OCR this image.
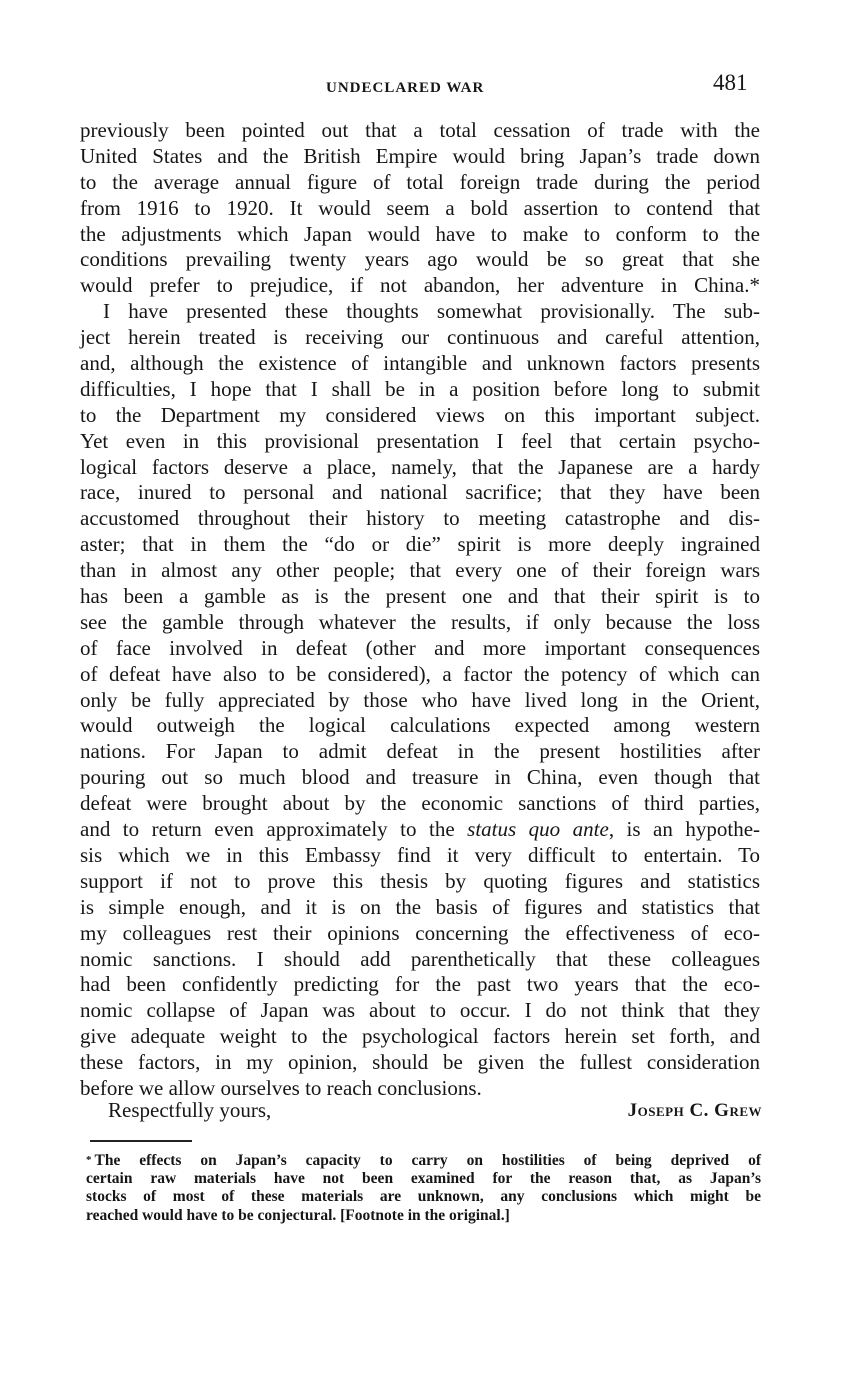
UNDECLARED WAR	481
previously been pointed out that a total cessation of trade with the
United States and the British Empire would bring Japan’s trade down
to the average annual figure of total foreign trade during the period
from 1916 to 1920. It would seem a bold assertion to contend that
the adjustments which Japan would have to make to conform to the
conditions prevailing twenty years ago would be so great that she
would prefer to prejudice, if not abandon, her adventure in China.*
I have presented these thoughts somewhat provisionally. The sub-
ject herein treated is receiving our continuous and careful attention,
and, although the existence of intangible and unknown factors presents
difficulties, I hope that I shall be in a position before long to submit
to the Department my considered views on this important subject.
Yet even in this provisional presentation I feel that certain psycho-
logical factors deserve a place, namely, that the Japanese are a hardy
race, inured to personal and national sacrifice; that they have been
accustomed throughout their history to meeting catastrophe and dis-
aster; that in them the “do or die” spirit is more deeply ingrained
than in almost any other people; that every one of their foreign wars
has been a gamble as is the present one and that their spirit is to
see the gamble through whatever the results, if only because the loss
of face involved in defeat (other and more important consequences
of defeat have also to be considered), a factor the potency of which can
only be fully appreciated by those who have lived long in the Orient,
would outweigh the logical calculations expected among western
nations. For Japan to admit defeat in the present hostilities after
pouring out so much blood and treasure in China, even though that
defeat were brought about by the economic sanctions of third parties,
and to return even approximately to the status quo ante, is an hypothe-
sis which we in this Embassy find it very difficult to entertain. To
support if not to prove this thesis by quoting figures and statistics
is simple enough, and it is on the basis of figures and statistics that
my colleagues rest their opinions concerning the effectiveness of eco-
nomic sanctions. I should add parenthetically that these colleagues
had been confidently predicting for the past two years that the eco-
nomic collapse of Japan was about to occur. I do not think that they
give adequate weight to the psychological factors herein set forth, and
these factors, in my opinion, should be given the fullest consideration
before we allow ourselves to reach conclusions.
Respectfully yours,	Joseph C. Grew
* The effects on Japan’s capacity to carry on hostilities of being deprived of
certain raw materials have not been examined for the reason that, as Japan’s
stocks of most of these materials are unknown, any conclusions which might be
reached would have to be conjectural. [Footnote in the original.]
